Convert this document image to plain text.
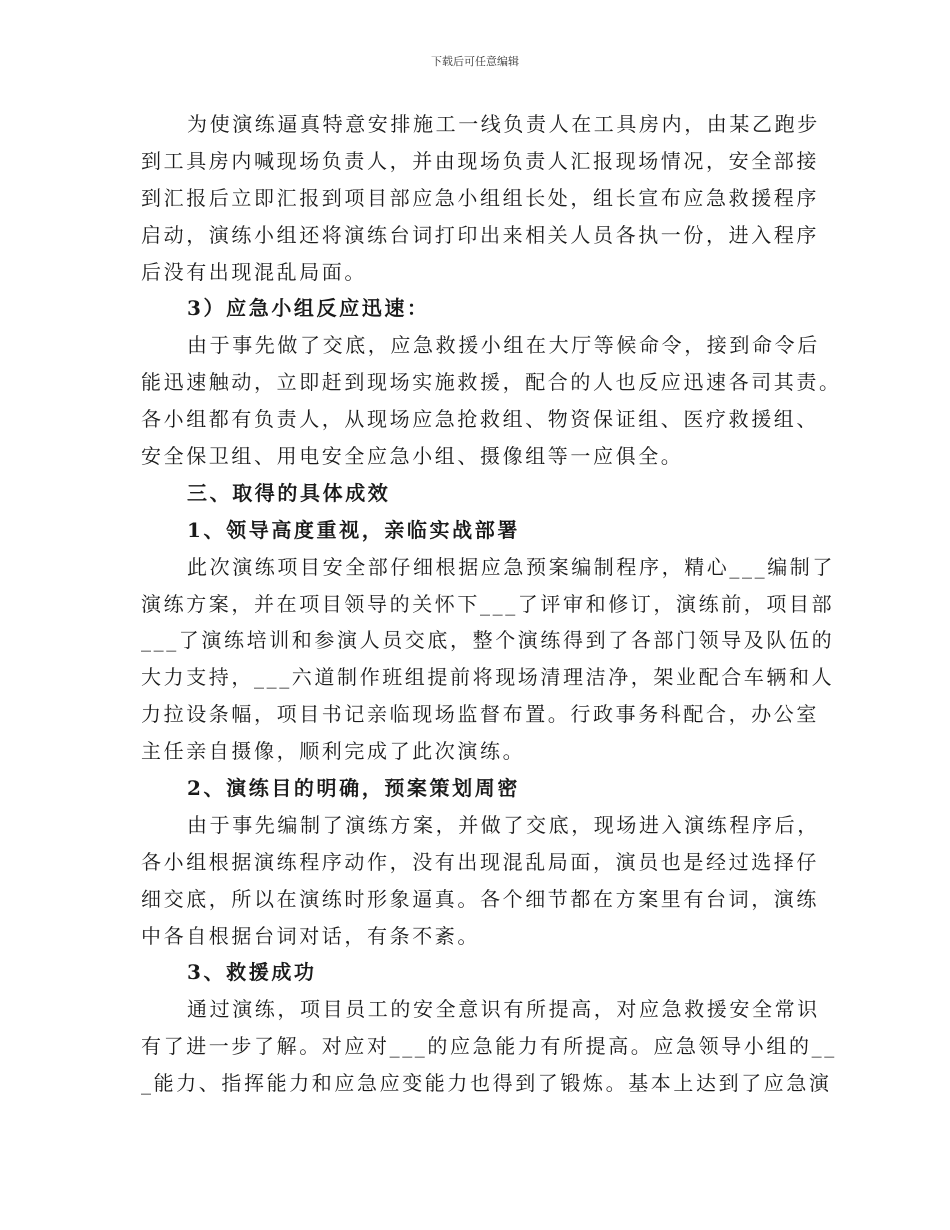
下载后可任意编辑
为使演练逼真特意安排施工一线负责人在工具房内，由某乙跑步
到工具房内喊现场负责人，并由现场负责人汇报现场情况，安全部接
到汇报后立即汇报到项目部应急小组组长处，组长宣布应急救援程序
启动，演练小组还将演练台词打印出来相关人员各执一份，进入程序
后没有出现混乱局面。
3）应急小组反应迅速：
由于事先做了交底，应急救援小组在大厅等候命令，接到命令后
能迅速触动，立即赶到现场实施救援，配合的人也反应迅速各司其责。
各小组都有负责人，从现场应急抢救组、物资保证组、医疗救援组、
安全保卫组、用电安全应急小组、摄像组等一应俱全。
三、取得的具体成效
1、领导高度重视，亲临实战部署
此次演练项目安全部仔细根据应急预案编制程序，精心___编制了
演练方案，并在项目领导的关怀下___了评审和修订，演练前，项目部
___了演练培训和参演人员交底，整个演练得到了各部门领导及队伍的
大力支持，___六道制作班组提前将现场清理洁净，架业配合车辆和人
力拉设条幅，项目书记亲临现场监督布置。行政事务科配合，办公室
主任亲自摄像，顺利完成了此次演练。
2、演练目的明确，预案策划周密
由于事先编制了演练方案，并做了交底，现场进入演练程序后，
各小组根据演练程序动作，没有出现混乱局面，演员也是经过选择仔
细交底，所以在演练时形象逼真。各个细节都在方案里有台词，演练
中各自根据台词对话，有条不紊。
3、救援成功
通过演练，项目员工的安全意识有所提高，对应急救援安全常识
有了进一步了解。对应对___的应急能力有所提高。应急领导小组的__
_能力、指挥能力和应急应变能力也得到了锻炼。基本上达到了应急演
